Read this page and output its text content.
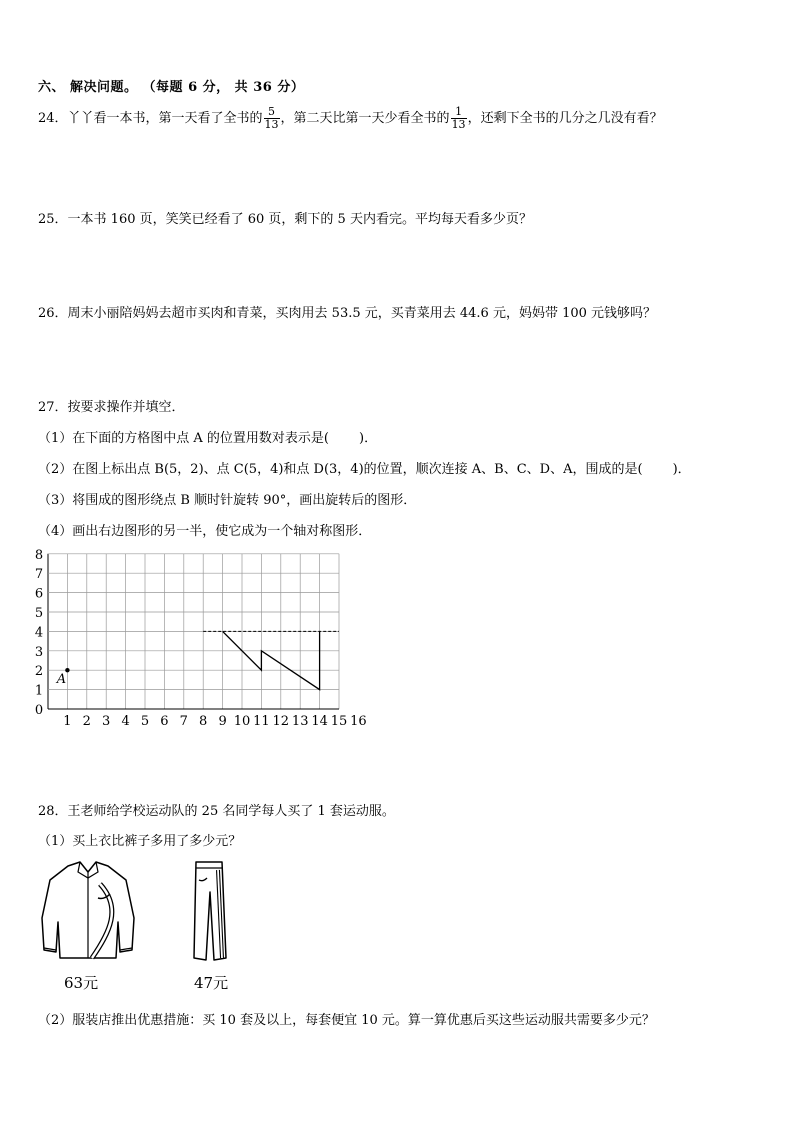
六、 解决问题。 （每题 6 分， 共 36 分）
24．丫丫看一本书，第一天看了全书的 $\frac{5}{13}$ ，第二天比第一天少看全书的 $\frac{1}{13}$ ，还剩下全书的几分之几没有看？
25．一本书 160 页，笑笑已经看了 60 页，剩下的 5 天内看完。平均每天看多少页？
26．周末小丽陪妈妈去超市买肉和青菜，买肉用去 53.5 元，买青菜用去 44.6 元，妈妈带 100 元钱够吗？
27．按要求操作并填空．
（1）在下面的方格图中点 A 的位置用数对表示是( )．
（2）在图上标出点 B(5，2)、点 C(5，4)和点 D(3，4)的位置，顺次连接 A、B、C、D、A，围成的是( )．
（3）将围成的图形绕点 B 顺时针旋转 90°，画出旋转后的图形．
（4）画出右边图形的另一半，使它成为一个轴对称图形．
1 2 3 4 5 6 7 8 9 10 11 12 13 14 15 16
0
1
2
3
4
5
6
7
8
A
28．王老师给学校运动队的 25 名同学每人买了 1 套运动服。
（1）买上衣比裤子多用了多少元？
63元	47元
（2）服装店推出优惠措施：买 10 套及以上，每套便宜 10 元。算一算优惠后买这些运动服共需要多少元？
